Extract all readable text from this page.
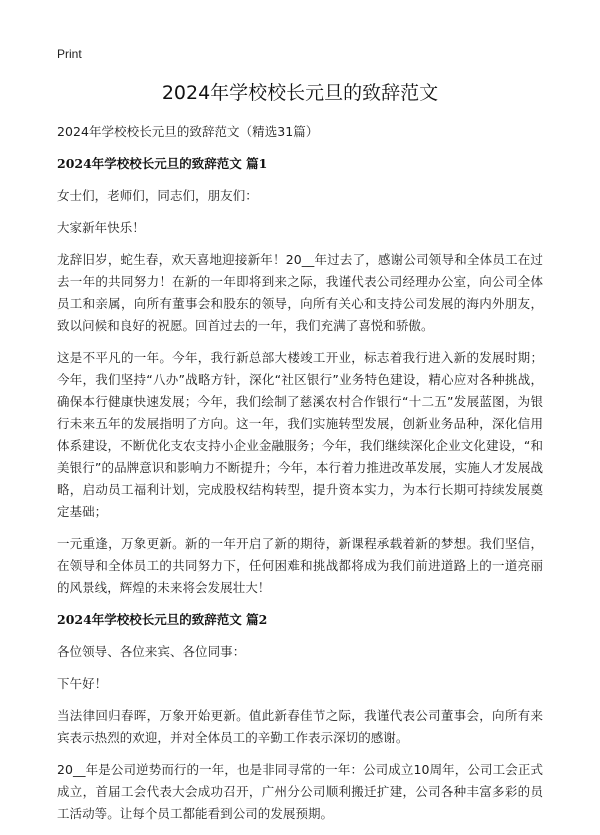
Print
2024年学校校长元旦的致辞范文

2024年学校校长元旦的致辞范文（精选31篇）

2024年学校校长元旦的致辞范文 篇1

女士们，老师们，同志们，朋友们：

大家新年快乐！

龙辞旧岁，蛇生春，欢天喜地迎接新年！20__年过去了，感谢公司领导和全体员工在过去一年的共同努力！在新的一年即将到来之际，我谨代表公司经理办公室，向公司全体员工和亲属，向所有董事会和股东的领导，向所有关心和支持公司发展的海内外朋友，致以问候和良好的祝愿。回首过去的一年，我们充满了喜悦和骄傲。

这是不平凡的一年。今年，我行新总部大楼竣工开业，标志着我行进入新的发展时期；今年，我们坚持“八办”战略方针，深化“社区银行”业务特色建设，精心应对各种挑战，确保本行健康快速发展；今年，我们绘制了慈溪农村合作银行“十二五”发展蓝图，为银行未来五年的发展指明了方向。这一年，我们实施转型发展，创新业务品种，深化信用体系建设，不断优化支农支持小企业金融服务；今年，我们继续深化企业文化建设，“和美银行”的品牌意识和影响力不断提升；今年，本行着力推进改革发展，实施人才发展战略，启动员工福利计划，完成股权结构转型，提升资本实力，为本行长期可持续发展奠定基础；

一元重逢，万象更新。新的一年开启了新的期待，新课程承载着新的梦想。我们坚信，在领导和全体员工的共同努力下，任何困难和挑战都将成为我们前进道路上的一道亮丽的风景线，辉煌的未来将会发展壮大！

2024年学校校长元旦的致辞范文 篇2

各位领导、各位来宾、各位同事：

下午好！

当法律回归春晖，万象开始更新。值此新春佳节之际，我谨代表公司董事会，向所有来宾表示热烈的欢迎，并对全体员工的辛勤工作表示深切的感谢。

20__年是公司逆势而行的一年，也是非同寻常的一年：公司成立10周年，公司工会正式成立，首届工会代表大会成功召开，广州分公司顺利搬迁扩建，公司各种丰富多彩的员工活动等。让每个员工都能看到公司的发展预期。
